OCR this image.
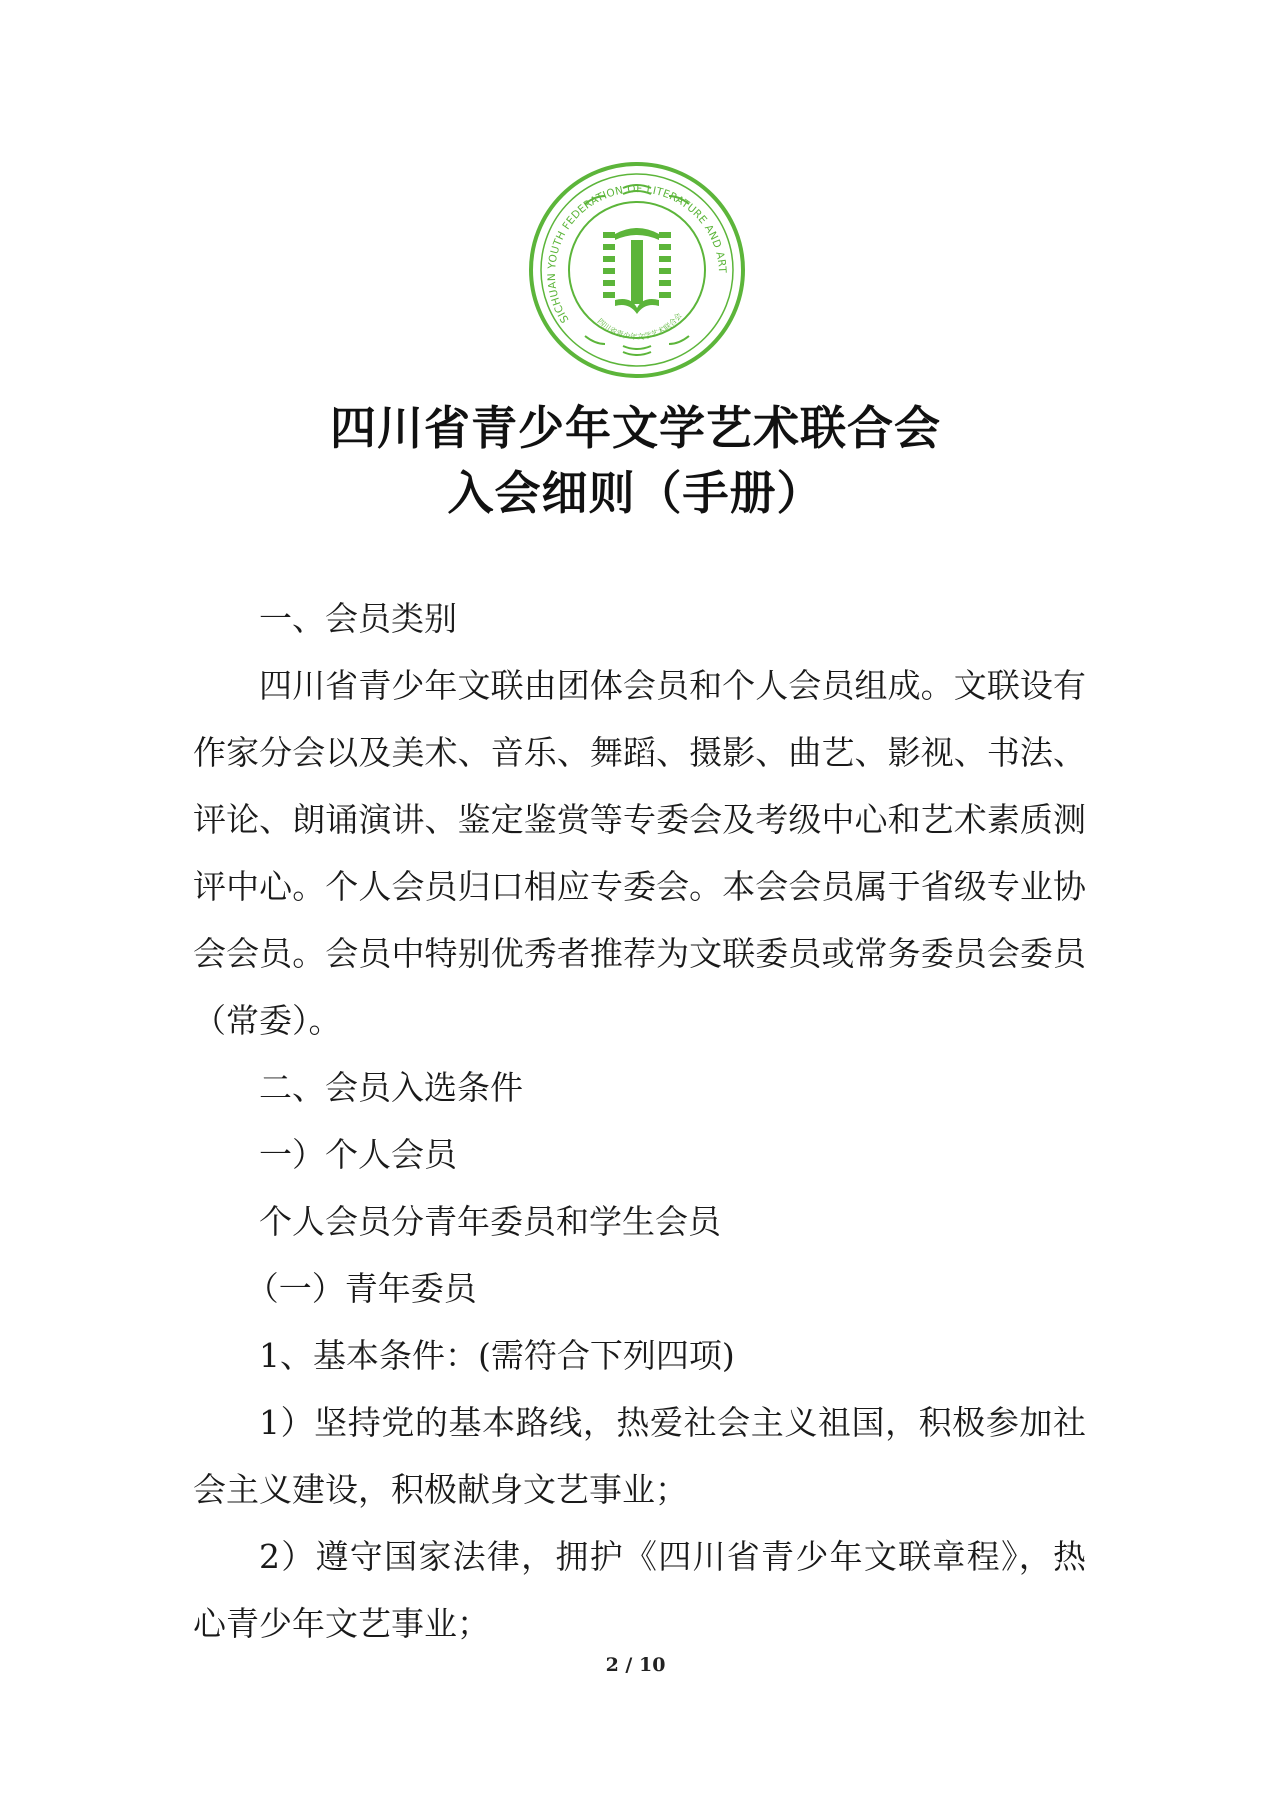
SICHUAN YOUTH FEDERATION OF LITERATURE AND ART
四川省青少年文学艺术联合会
四川省青少年文学艺术联合会
入会细则（手册）

一、会员类别

四川省青少年文联由团体会员和个人会员组成。文联设有作家分会以及美术、音乐、舞蹈、摄影、曲艺、影视、书法、评论、朗诵演讲、鉴定鉴赏等专委会及考级中心和艺术素质测评中心。个人会员归口相应专委会。本会会员属于省级专业协会会员。会员中特别优秀者推荐为文联委员或常务委员会委员（常委）。

二、会员入选条件

一）个人会员

个人会员分青年委员和学生会员

（一）青年委员

1、基本条件：(需符合下列四项)

1）坚持党的基本路线，热爱社会主义祖国，积极参加社会主义建设，积极献身文艺事业；

2）遵守国家法律，拥护《四川省青少年文联章程》，热心青少年文艺事业；

2 / 10
